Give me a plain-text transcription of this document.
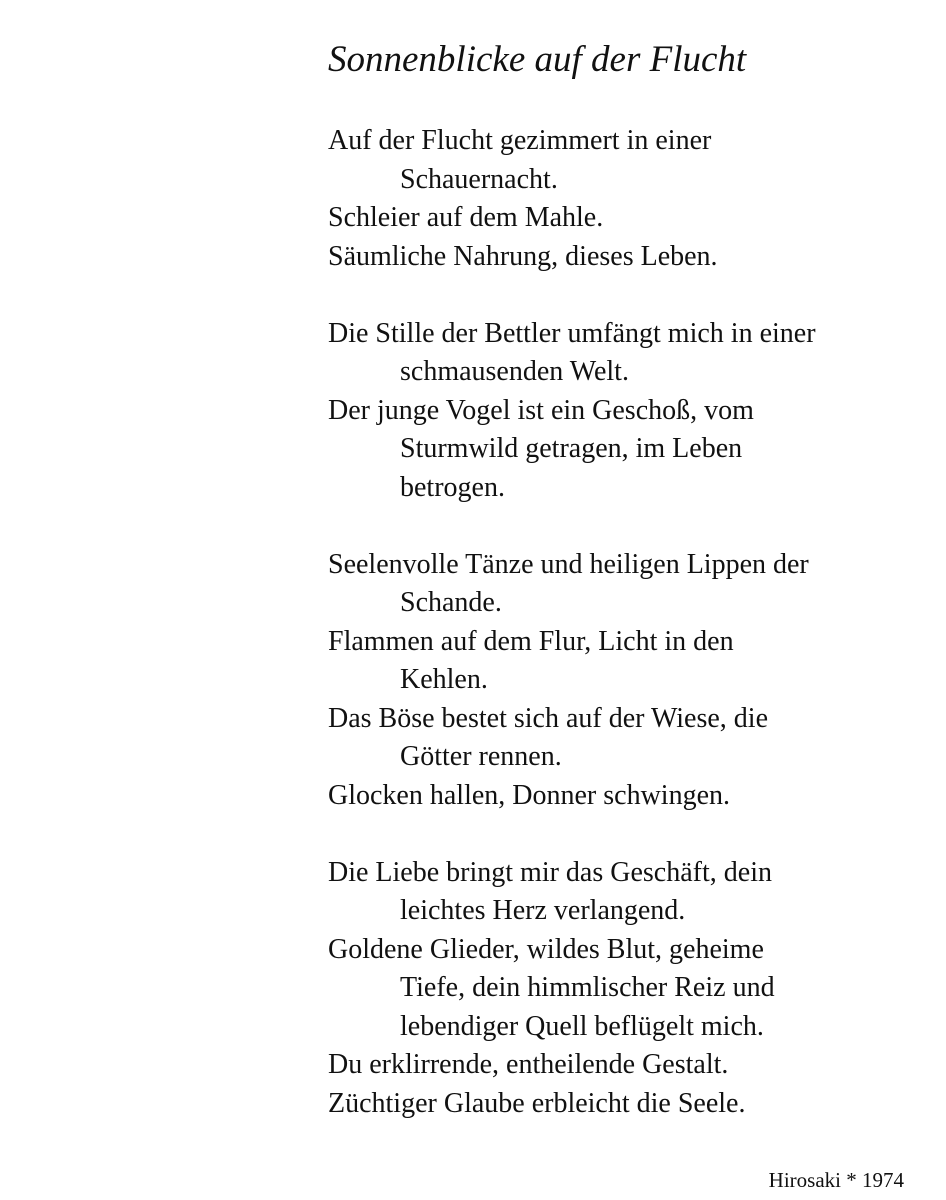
Sonnenblicke auf der Flucht

Auf der Flucht gezimmert in einer

Schauernacht.

Schleier auf dem Mahle.

Säumliche Nahrung, dieses Leben.

Die Stille der Bettler umfängt mich in einer

schmausenden Welt.

Der junge Vogel ist ein Geschoß, vom

Sturmwild getragen, im Leben

betrogen.

Seelenvolle Tänze und heiligen Lippen der

Schande.

Flammen auf dem Flur, Licht in den

Kehlen.

Das Böse bestet sich auf der Wiese, die

Götter rennen.

Glocken hallen, Donner schwingen.

Die Liebe bringt mir das Geschäft, dein

leichtes Herz verlangend.

Goldene Glieder, wildes Blut, geheime

Tiefe, dein himmlischer Reiz und

lebendiger Quell beflügelt mich.

Du erklirrende, entheilende Gestalt.

Züchtiger Glaube erbleicht die Seele.

Hirosaki * 1974
